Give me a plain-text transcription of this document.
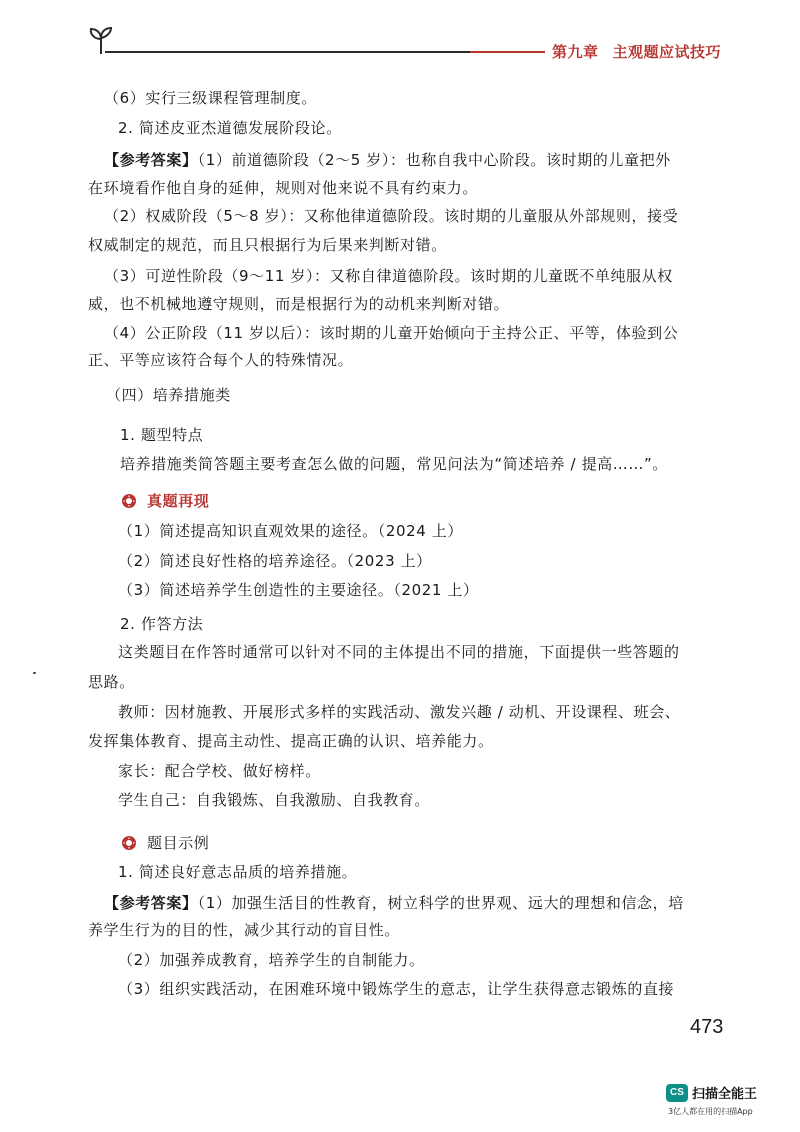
第九章 主观题应试技巧
（6）实行三级课程管理制度。
2. 简述皮亚杰道德发展阶段论。
【参考答案】（1）前道德阶段（2～5 岁）：也称自我中心阶段。该时期的儿童把外
在环境看作他自身的延伸，规则对他来说不具有约束力。
（2）权威阶段（5～8 岁）：又称他律道德阶段。该时期的儿童服从外部规则，接受
权威制定的规范，而且只根据行为后果来判断对错。
（3）可逆性阶段（9～11 岁）：又称自律道德阶段。该时期的儿童既不单纯服从权
威，也不机械地遵守规则，而是根据行为的动机来判断对错。
（4）公正阶段（11 岁以后）：该时期的儿童开始倾向于主持公正、平等，体验到公
正、平等应该符合每个人的特殊情况。
（四）培养措施类
1. 题型特点
培养措施类简答题主要考查怎么做的问题，常见问法为“简述培养 / 提高……”。
真题再现
（1）简述提高知识直观效果的途径。（2024 上）
（2）简述良好性格的培养途径。（2023 上）
（3）简述培养学生创造性的主要途径。（2021 上）
2. 作答方法
这类题目在作答时通常可以针对不同的主体提出不同的措施，下面提供一些答题的
思路。
教师：因材施教、开展形式多样的实践活动、激发兴趣 / 动机、开设课程、班会、
发挥集体教育、提高主动性、提高正确的认识、培养能力。
家长：配合学校、做好榜样。
学生自己：自我锻炼、自我激励、自我教育。
题目示例
1. 简述良好意志品质的培养措施。
【参考答案】（1）加强生活目的性教育，树立科学的世界观、远大的理想和信念，培
养学生行为的目的性，减少其行动的盲目性。
（2）加强养成教育，培养学生的自制能力。
（3）组织实践活动，在困难环境中锻炼学生的意志，让学生获得意志锻炼的直接
473
CS 扫描全能王
3亿人都在用的扫描App
